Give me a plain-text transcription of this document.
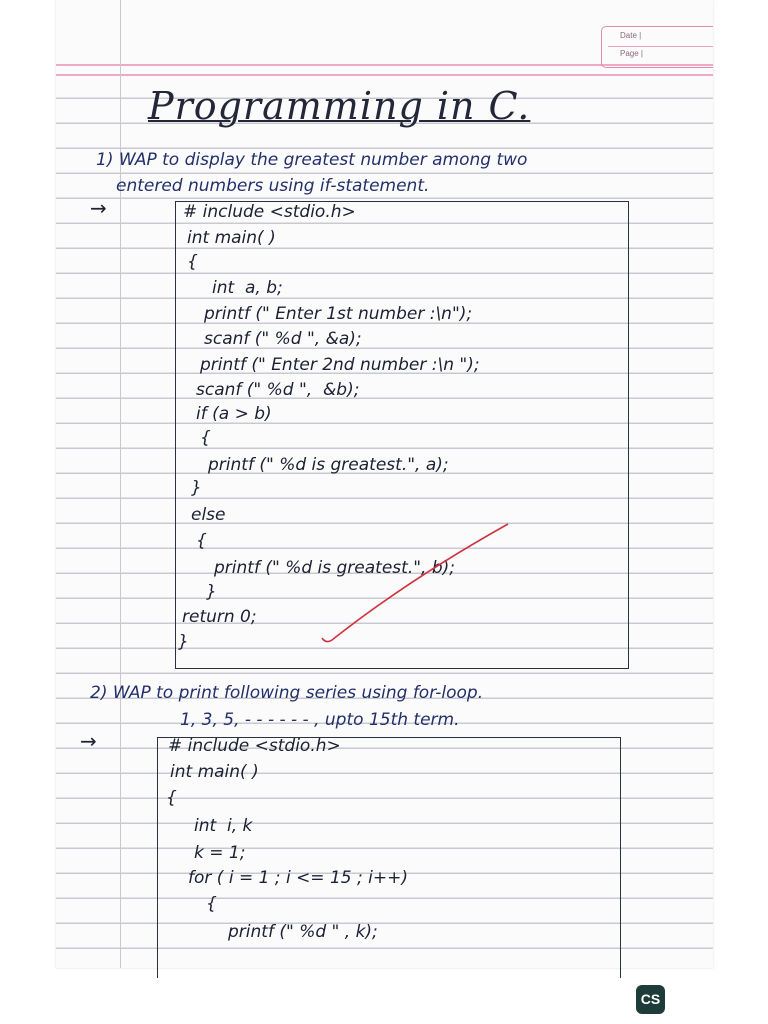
Date |
Page |
Programming in C.
1) WAP to display the greatest number among two
entered numbers using if-statement.
→	# include <stdio.h>
int main( )
{
int  a, b;
printf (" Enter 1st number :\n");
scanf (" %d ", &a);
printf (" Enter 2nd number :\n ");
scanf (" %d ",  &b);
if (a > b)
{
printf (" %d is greatest.", a);
}
else
{
printf (" %d is greatest.", b);
}
return 0;
}
2) WAP to print following series using for-loop.
1, 3, 5, - - - - - - , upto 15th term.
→	# include <stdio.h>
int main( )
{
int  i, k
k = 1;
for ( i = 1 ; i <= 15 ; i++)
{
printf (" %d " , k);
CS
